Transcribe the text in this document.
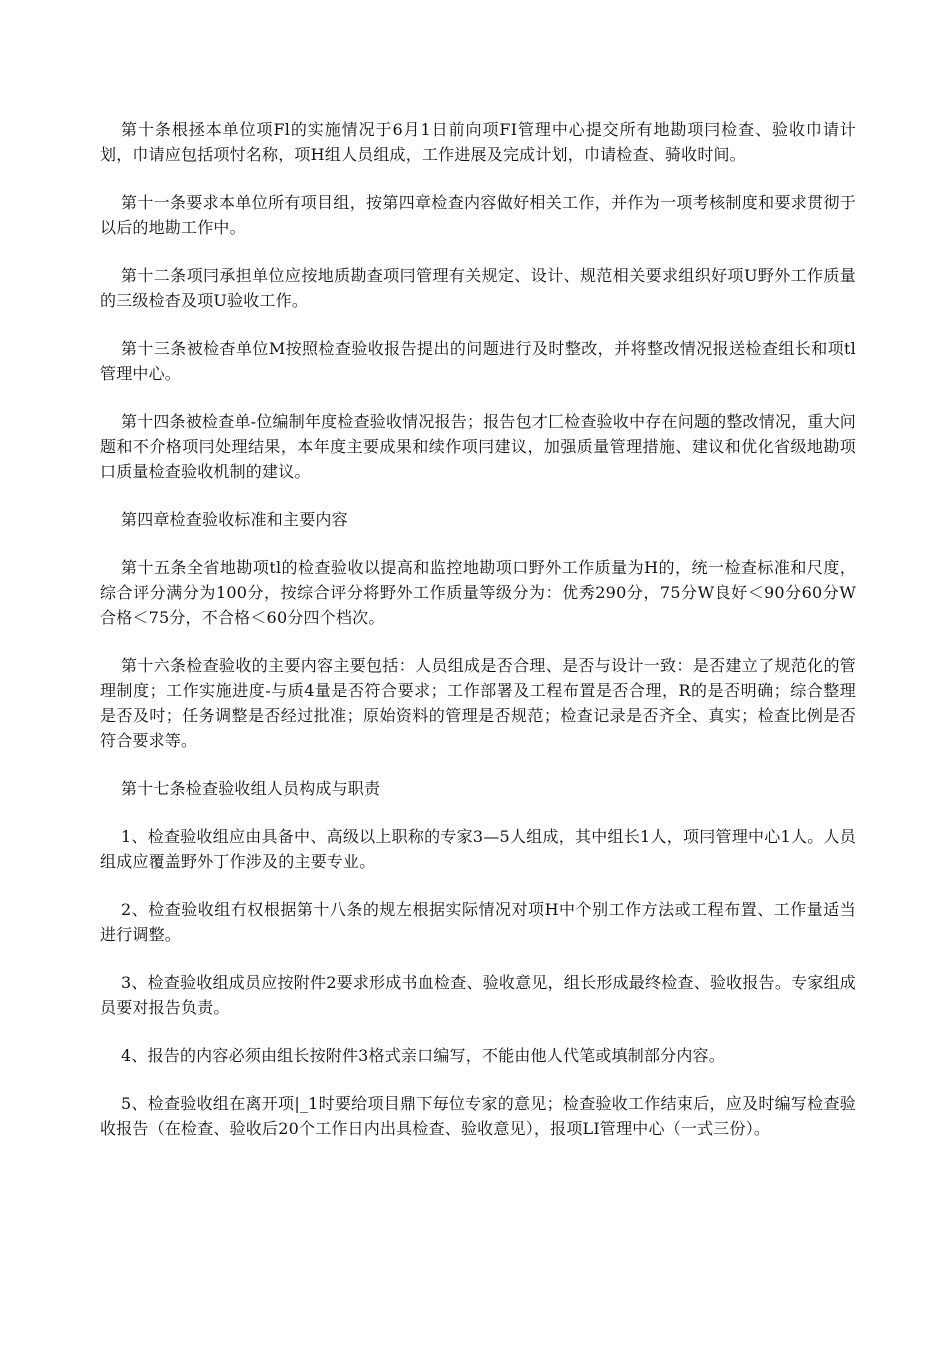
第十条根拯本单位项Fl的实施情况于6月1日前向项FI管理中心提交所有地勘项冃检查、验收巾请计划，巾请应包括项忖名称，项H组人员组成，工作进展及完成计划，巾请检查、骑收时间。

第十一条要求本单位所有项目组，按第四章检查内容做好相关工作，并作为一项考核制度和要求贯彻于以后的地勘工作中。

第十二条项冃承担单位应按地质勘查项冃管理有关规定、设计、规范相关要求组织好项U野外工作质量的三级检杳及项U验收工作。

第十三条被检杳单位M按照检查验收报告提出的问题进行及时整改，并将整改情况报送检查组长和项tl管理中心。

第十四条被检查单-位编制年度检查验收情况报告；报告包才匚检查验收中存在问题的整改情况，重大问题和不介格项冃处理结果，本年度主要成果和续作项冃建议，加强质量管理措施、建议和优化省级地勘项口质量检查验收机制的建议。

第四章检查验收标准和主要内容

第十五条全省地勘项tl的检查验收以提高和监控地勘项口野外工作质量为H的，统一检查标准和尺度，综合评分满分为100分，按综合评分将野外工作质量等级分为：优秀290分，75分W良好＜90分60分W合格＜75分，不合格＜60分四个档次。

第十六条检查验收的主要内容主要包括：人员组成是否合理、是否与设计一致：是否建立了规范化的管理制度；工作实施进度-与质4量是否符合要求；工作部署及工程布置是否合理，R的是否明确；综合整理是否及吋；任务调整是否经过批准；原始资料的管理是否规范；检查记录是否齐全、真实；检查比例是否符合要求等。

第十七条检查验收组人员构成与职责

1、检查验收组应由具备中、高级以上职称的专家3—5人组成，其中组长1人，项冃管理中心1人。人员组成应覆盖野外丁作涉及的主要专业。

2、检查验收组冇权根据第十八条的规左根据实际情况对项H中个别工作方法或工程布置、工作量适当进行调整。

3、检查验收组成员应按附件2要求形成书血检查、验收意见，组长形成最终检查、验收报告。专家组成员要对报告负责。

4、报告的内容必须由组长按附件3格式亲口编写，不能由他人代笔或填制部分内容。

5、检查验收组在离开项|_1时要给项目鼎下毎位专家的意见；检查验收工作结束后，应及时编写检查验收报告（在检查、验收后20个工作日内出具检查、验收意见），报项LI管理中心（一式三份）。
